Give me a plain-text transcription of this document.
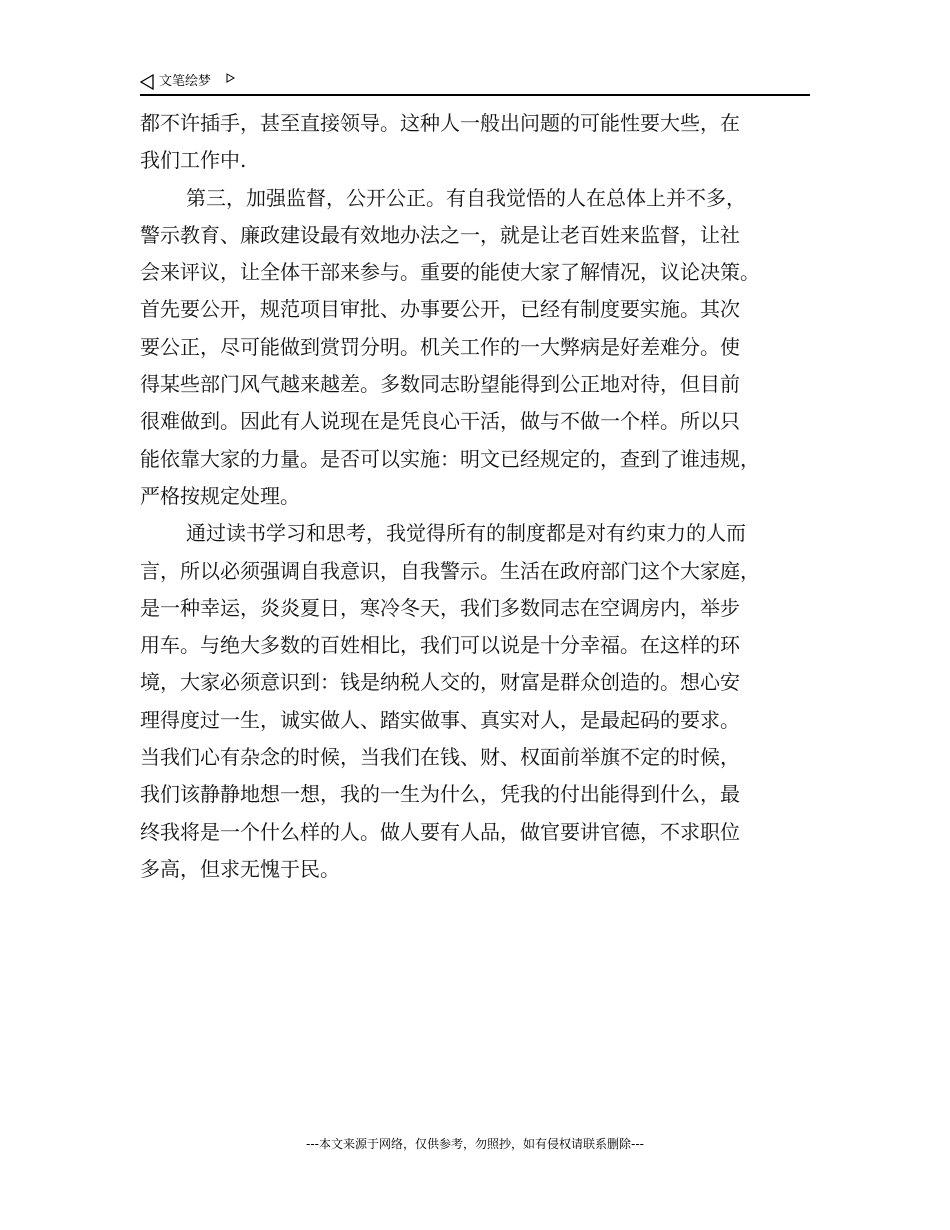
文笔绘梦
都不许插手，甚至直接领导。这种人一般出问题的可能性要大些，在
我们工作中.
第三，加强监督，公开公正。有自我觉悟的人在总体上并不多，
警示教育、廉政建设最有效地办法之一，就是让老百姓来监督，让社
会来评议，让全体干部来参与。重要的能使大家了解情况，议论决策。
首先要公开，规范项目审批、办事要公开，已经有制度要实施。其次
要公正，尽可能做到赏罚分明。机关工作的一大弊病是好差难分。使
得某些部门风气越来越差。多数同志盼望能得到公正地对待，但目前
很难做到。因此有人说现在是凭良心干活，做与不做一个样。所以只
能依靠大家的力量。是否可以实施：明文已经规定的，查到了谁违规，
严格按规定处理。
通过读书学习和思考，我觉得所有的制度都是对有约束力的人而
言，所以必须强调自我意识，自我警示。生活在政府部门这个大家庭，
是一种幸运，炎炎夏日，寒冷冬天，我们多数同志在空调房内，举步
用车。与绝大多数的百姓相比，我们可以说是十分幸福。在这样的环
境，大家必须意识到：钱是纳税人交的，财富是群众创造的。想心安
理得度过一生，诚实做人、踏实做事、真实对人，是最起码的要求。
当我们心有杂念的时候，当我们在钱、财、权面前举旗不定的时候，
我们该静静地想一想，我的一生为什么，凭我的付出能得到什么，最
终我将是一个什么样的人。做人要有人品，做官要讲官德，不求职位
多高，但求无愧于民。
---本文来源于网络，仅供参考，勿照抄，如有侵权请联系删除---
